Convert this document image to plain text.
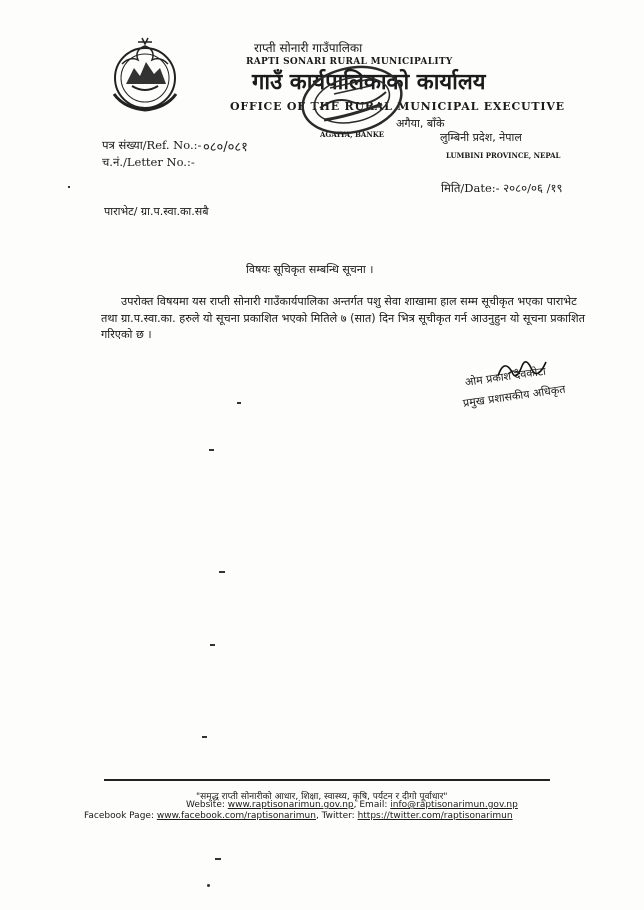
राप्ती सोनारी गाउँपालिका
RAPTI SONARI RURAL MUNICIPALITY
गाउँ कार्यपालिकाको कार्यालय
OFFICE OF THE RURAL MUNICIPAL EXECUTIVE
अगैया, बाँके
AGAIYA, BANKE	लुम्बिनी प्रदेश, नेपाल
LUMBINI PROVINCE, NEPAL
पत्र संख्या/Ref. No.:- ०८०/०८१
च.नं./Letter No.:-
मिति/Date:- २०८०/०६ /१९
पाराभेट/ ग्रा.प.स्वा.का.सबै
विषयः सूचिकृत सम्बन्धि सूचना ।
उपरोक्त विषयमा यस राप्ती सोनारी गाउँकार्यपालिका अन्तर्गत पशु सेवा शाखामा हाल सम्म सूचीकृत भएका पाराभेट तथा ग्रा.प.स्वा.का. हरुले यो सूचना प्रकाशित भएको मितिले ७ (सात) दिन भित्र सूचीकृत गर्न आउनुहुन यो सूचना प्रकाशित गरिएको छ ।
ओम प्रकाश देवकोटा
प्रमुख प्रशासकीय अधिकृत
"समृद्ध राप्ती सोनारीको आधार, शिक्षा, स्वास्थ्य, कृषि, पर्यटन र दीगो पूर्वाधार"
Website: www.raptisonarimun.gov.np, Email: info@raptisonarimun.gov.np
Facebook Page: www.facebook.com/raptisonarimun, Twitter: https://twitter.com/raptisonarimun
